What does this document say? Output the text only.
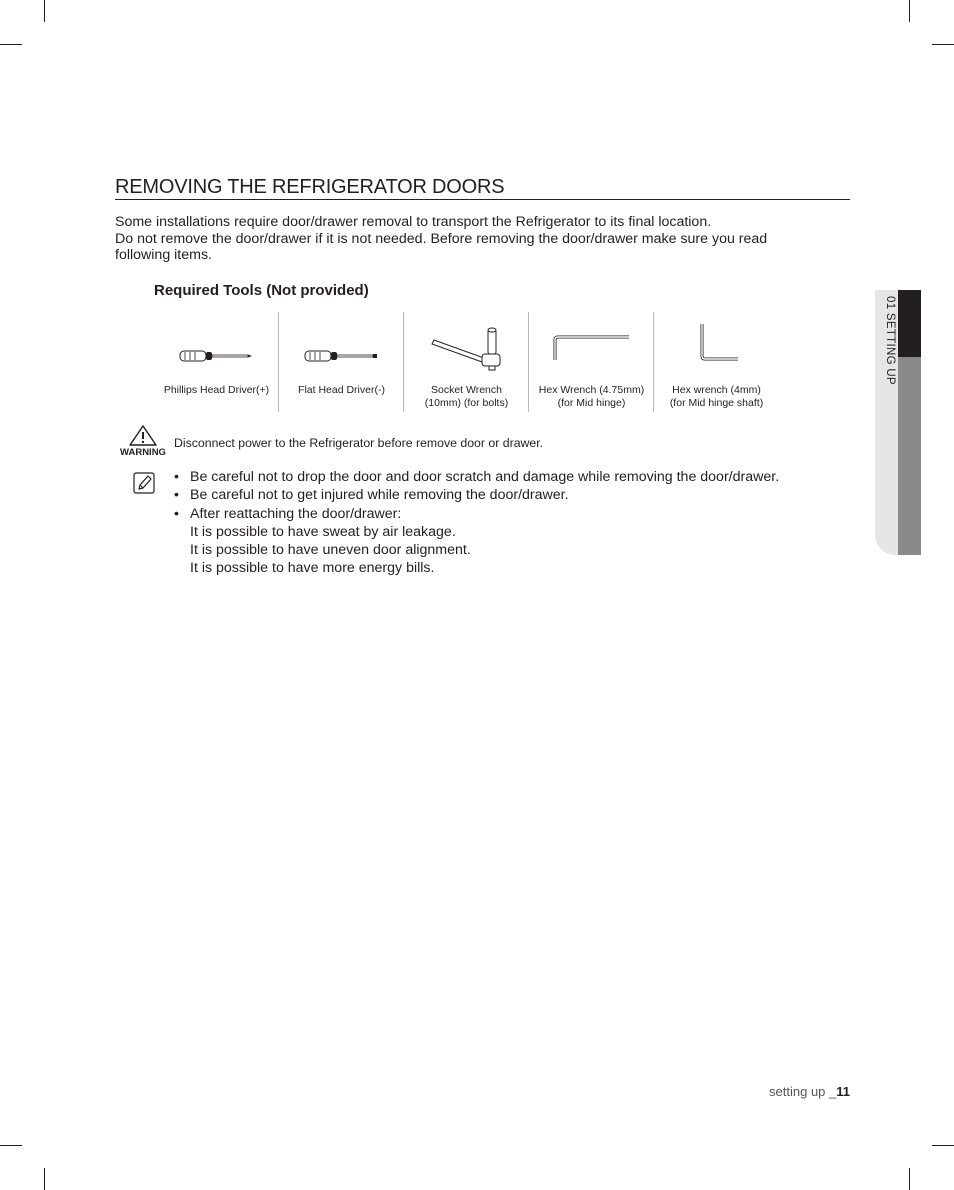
REMOVING THE REFRIGERATOR DOORS
Some installations require door/drawer removal to transport the Refrigerator to its final location.
Do not remove the door/drawer if it is not needed. Before removing the door/drawer make sure you read
following items.
Required Tools (Not provided)
Phillips Head Driver(+)	Flat Head Driver(-)	Socket Wrench
(10mm) (for bolts)
Hex Wrench (4.75mm)
(for Mid hinge)
Hex wrench (4mm)
(for Mid hinge shaft)
WARNING
Disconnect power to the Refrigerator before remove door or drawer.
• Be careful not to drop the door and door scratch and damage while removing the door/drawer.
• Be careful not to get injured while removing the door/drawer.
• After reattaching the door/drawer:
It is possible to have sweat by air leakage.
It is possible to have uneven door alignment.
It is possible to have more energy bills.
01 SETTING UP
setting up _11
